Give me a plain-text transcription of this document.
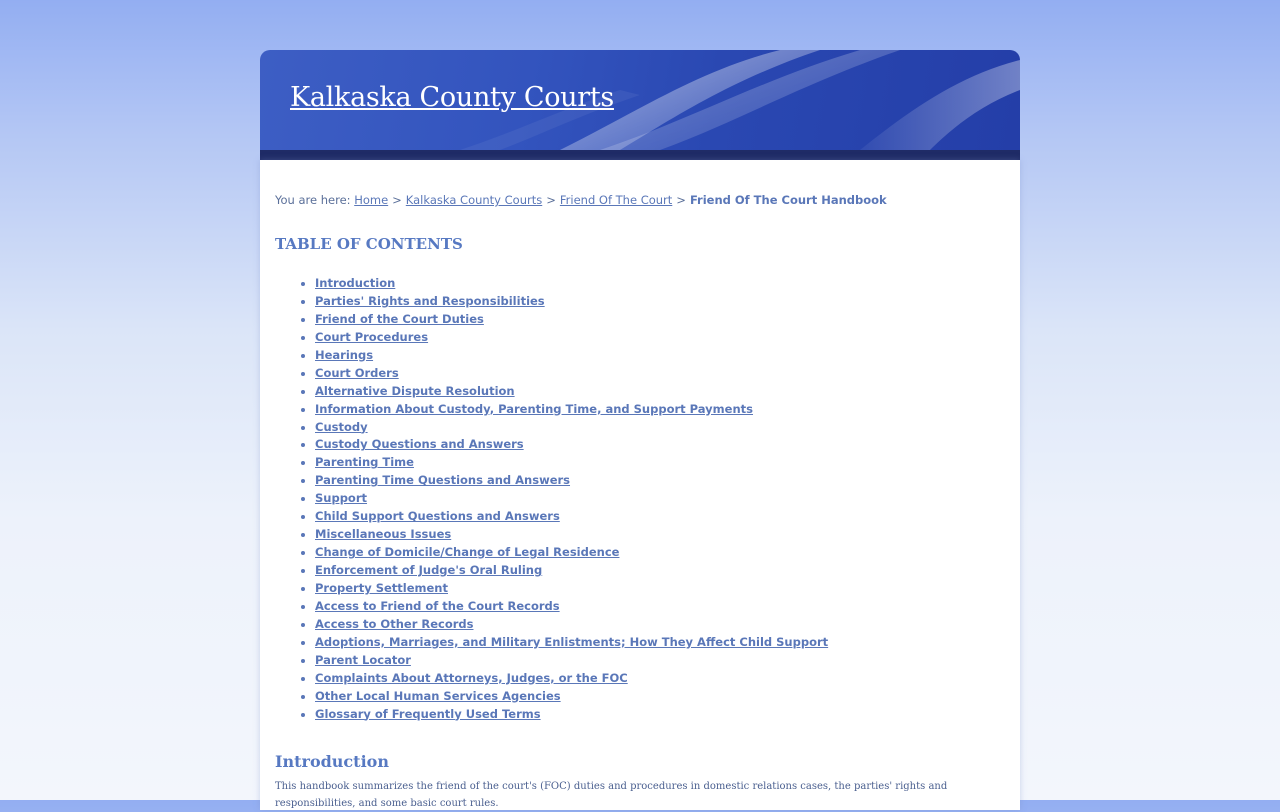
Kalkaska County Courts
You are here: Home > Kalkaska County Courts > Friend Of The Court > Friend Of The Court Handbook
TABLE OF CONTENTS
Introduction
Parties' Rights and Responsibilities
Friend of the Court Duties
Court Procedures
Hearings
Court Orders
Alternative Dispute Resolution
Information About Custody, Parenting Time, and Support Payments
Custody
Custody Questions and Answers
Parenting Time
Parenting Time Questions and Answers
Support
Child Support Questions and Answers
Miscellaneous Issues
Change of Domicile/Change of Legal Residence
Enforcement of Judge's Oral Ruling
Property Settlement
Access to Friend of the Court Records
Access to Other Records
Adoptions, Marriages, and Military Enlistments; How They Affect Child Support
Parent Locator
Complaints About Attorneys, Judges, or the FOC
Other Local Human Services Agencies
Glossary of Frequently Used Terms
Introduction

This handbook summarizes the friend of the court's (FOC) duties and procedures in domestic relations cases, the parties' rights and responsibilities, and some basic court rules.
